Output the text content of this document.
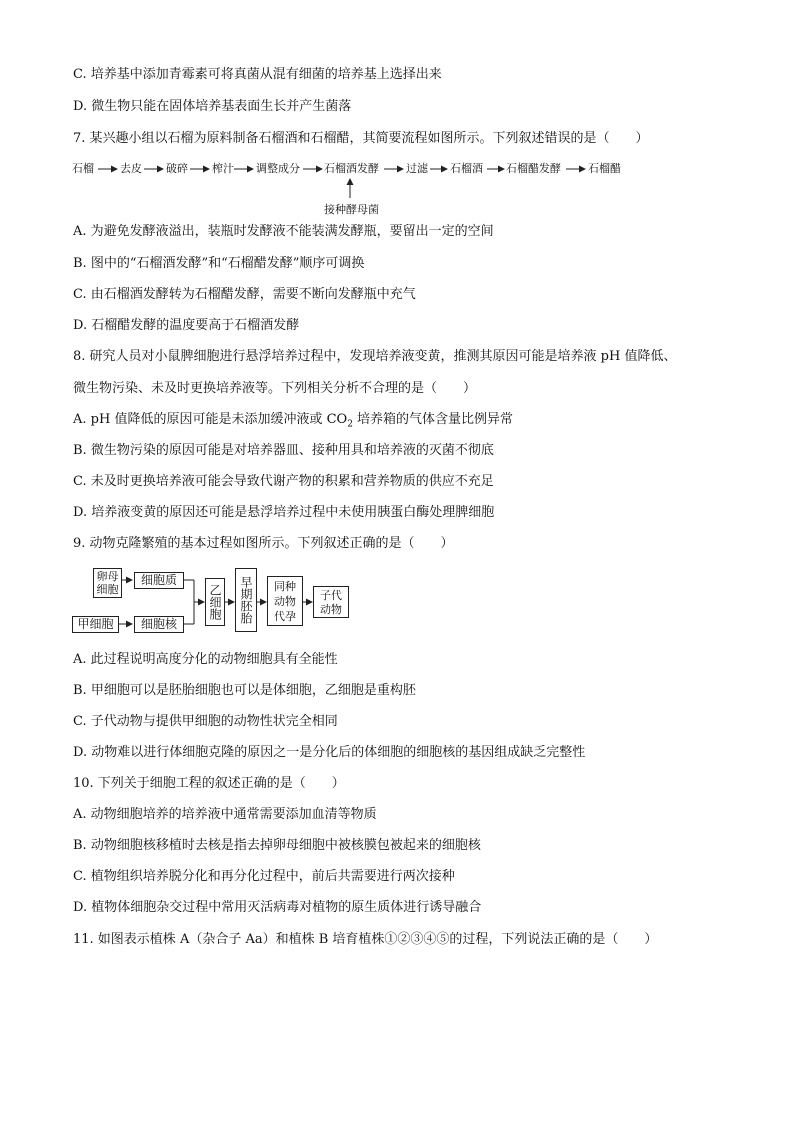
C. 培养基中添加青霉素可将真菌从混有细菌的培养基上选择出来
D. 微生物只能在固体培养基表面生长并产生菌落
7. 某兴趣小组以石榴为原料制备石榴酒和石榴醋，其简要流程如图所示。下列叙述错误的是（　　）
石榴 去皮 破碎 榨汁 调整成分 石榴酒发酵 过滤 石榴酒 石榴醋发酵 石榴醋
接种酵母菌
A. 为避免发酵液溢出，装瓶时发酵液不能装满发酵瓶，要留出一定的空间
B. 图中的“石榴酒发酵”和“石榴醋发酵”顺序可调换
C. 由石榴酒发酵转为石榴醋发酵，需要不断向发酵瓶中充气
D. 石榴醋发酵的温度要高于石榴酒发酵
8. 研究人员对小鼠脾细胞进行悬浮培养过程中，发现培养液变黄，推测其原因可能是培养液 pH 值降低、
微生物污染、未及时更换培养液等。下列相关分析不合理的是（　　）
A. pH 值降低的原因可能是未添加缓冲液或 $CO_2$ 培养箱的气体含量比例异常
B. 微生物污染的原因可能是对培养器皿、接种用具和培养液的灭菌不彻底
C. 未及时更换培养液可能会导致代谢产物的积累和营养物质的供应不充足
D. 培养液变黄的原因还可能是悬浮培养过程中未使用胰蛋白酶处理脾细胞
9. 动物克隆繁殖的基本过程如图所示。下列叙述正确的是（　　）
卵母细胞
细胞质
甲细胞	细胞核
乙细胞	早期胚胎	同种动物代孕
子代动物
A. 此过程说明高度分化的动物细胞具有全能性
B. 甲细胞可以是胚胎细胞也可以是体细胞，乙细胞是重构胚
C. 子代动物与提供甲细胞的动物性状完全相同
D. 动物难以进行体细胞克隆的原因之一是分化后的体细胞的细胞核的基因组成缺乏完整性
10. 下列关于细胞工程的叙述正确的是（　　）
A. 动物细胞培养的培养液中通常需要添加血清等物质
B. 动物细胞核移植时去核是指去掉卵母细胞中被核膜包被起来的细胞核
C. 植物组织培养脱分化和再分化过程中，前后共需要进行两次接种
D. 植物体细胞杂交过程中常用灭活病毒对植物的原生质体进行诱导融合
11. 如图表示植株 A（杂合子 Aa）和植株 B 培育植株①②③④⑤的过程，下列说法正确的是（　　）
